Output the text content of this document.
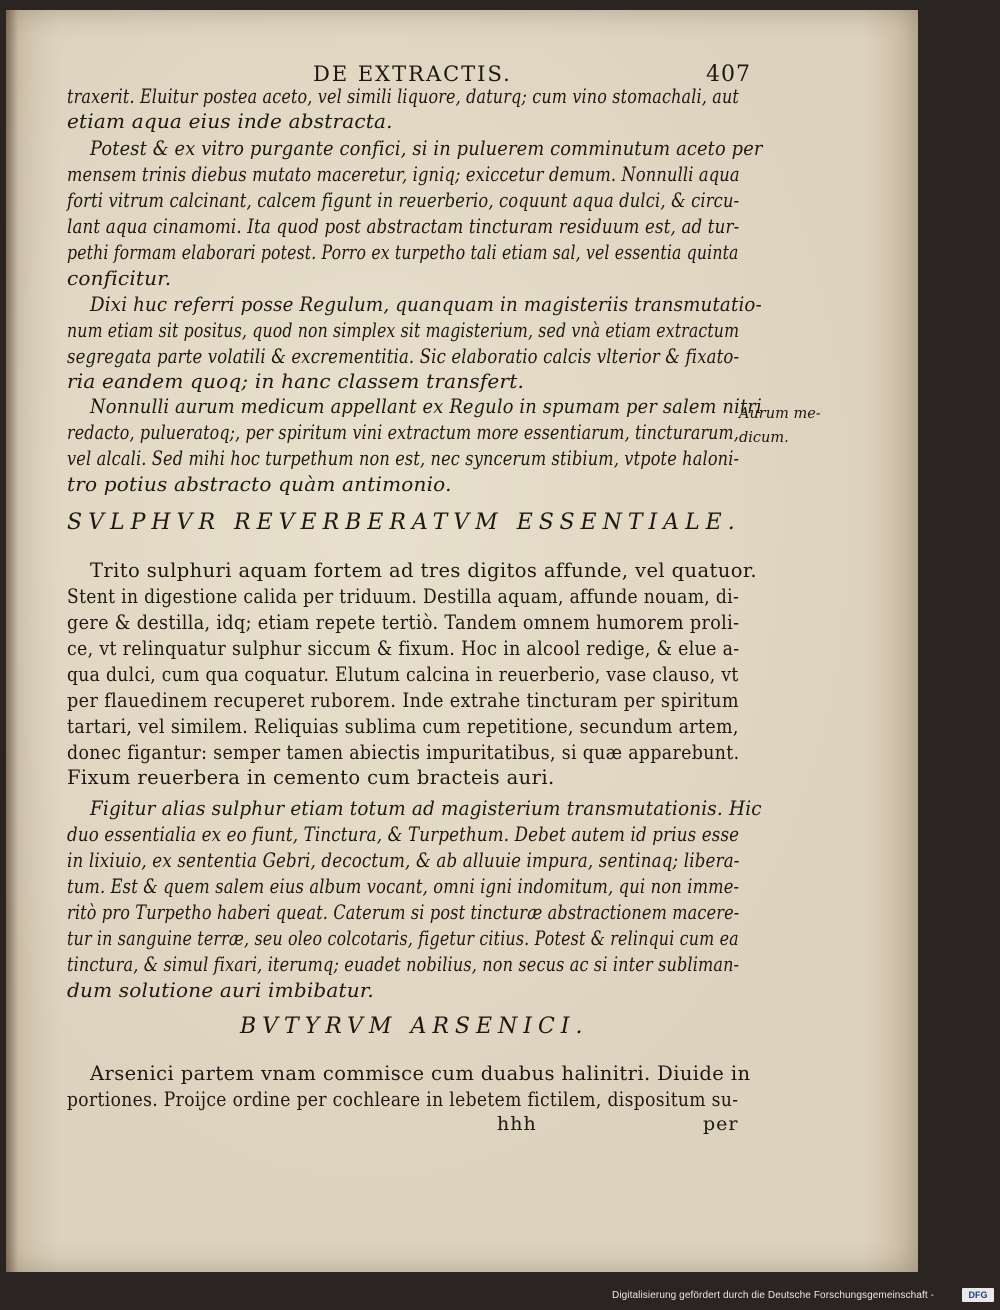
DE EXTRACTIS.	407
traxerit. Eluitur postea aceto, vel simili liquore, daturq; cum vino stomachali, aut
etiam aqua eius inde abstracta.
Potest & ex vitro purgante confici, si in puluerem comminutum aceto per
mensem trinis diebus mutato maceretur, igniq; exiccetur demum. Nonnulli aqua
forti vitrum calcinant, calcem figunt in reuerberio, coquunt aqua dulci, & circu-
lant aqua cinamomi. Ita quod post abstractam tincturam residuum est, ad tur-
pethi formam elaborari potest. Porro ex turpetho tali etiam sal, vel essentia quinta
conficitur.
Dixi huc referri posse Regulum, quanquam in magisteriis transmutatio-
num etiam sit positus, quod non simplex sit magisterium, sed vnà etiam extractum
segregata parte volatili & excrementitia. Sic elaboratio calcis vlterior & fixato-
ria eandem quoq; in hanc classem transfert.
Nonnulli aurum medicum appellant ex Regulo in spumam per salem nitri
redacto, pulueratoq;, per spiritum vini extractum more essentiarum, tincturarum,
vel alcali. Sed mihi hoc turpethum non est, nec syncerum stibium, vtpote haloni-
tro potius abstracto quàm antimonio.
Trito sulphuri aquam fortem ad tres digitos affunde, vel quatuor.
Stent in digestione calida per triduum. Destilla aquam, affunde nouam, di-
gere & destilla, idq; etiam repete tertiò. Tandem omnem humorem proli-
ce, vt relinquatur sulphur siccum & fixum. Hoc in alcool redige, & elue a-
qua dulci, cum qua coquatur. Elutum calcina in reuerberio, vase clauso, vt
per flauedinem recuperet ruborem. Inde extrahe tincturam per spiritum
tartari, vel similem. Reliquias sublima cum repetitione, secundum artem,
donec figantur: semper tamen abiectis impuritatibus, si quæ apparebunt.
Fixum reuerbera in cemento cum bracteis auri.
Figitur alias sulphur etiam totum ad magisterium transmutationis. Hic
duo essentialia ex eo fiunt, Tinctura, & Turpethum. Debet autem id prius esse
in lixiuio, ex sententia Gebri, decoctum, & ab alluuie impura, sentinaq; libera-
tum. Est & quem salem eius album vocant, omni igni indomitum, qui non imme-
ritò pro Turpetho haberi queat. Caterum si post tincturæ abstractionem macere-
tur in sanguine terræ, seu oleo colcotaris, figetur citius. Potest & relinqui cum ea
tinctura, & simul fixari, iterumq; euadet nobilius, non secus ac si inter subliman-
dum solutione auri imbibatur.
Arsenici partem vnam commisce cum duabus halinitri. Diuide in
portiones. Proijce ordine per cochleare in lebetem fictilem, dispositum su-
SVLPHVR REVERBERATVM ESSENTIALE.
BVTYRVM ARSENICI.
Aurum me-
dicum.
hhh	per
Digitalisierung gefördert durch die Deutsche Forschungsgemeinschaft -	DFG
